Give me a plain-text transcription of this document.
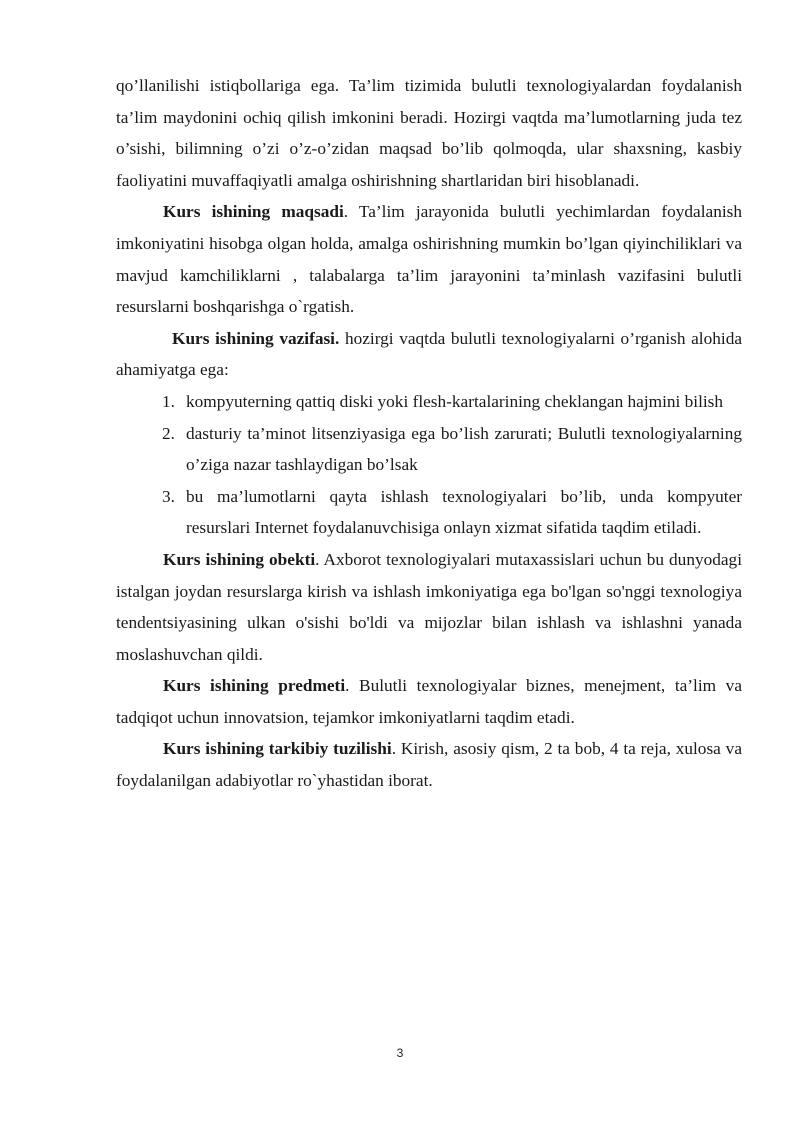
qo’llanilishi istiqbollariga ega. Ta’lim tizimida bulutli texnologiyalardan foydalanish ta’lim maydonini ochiq qilish imkonini beradi. Hozirgi vaqtda ma’lumotlarning juda tez o’sishi, bilimning o’zi o’z-o’zidan maqsad bo’lib qolmoqda, ular shaxsning, kasbiy faoliyatini muvaffaqiyatli amalga oshirishning shartlaridan biri hisoblanadi.

Kurs ishining maqsadi. Ta’lim jarayonida bulutli yechimlardan foydalanish imkoniyatini hisobga olgan holda, amalga oshirishning mumkin bo’lgan qiyinchiliklari va mavjud kamchiliklarni , talabalarga ta’lim jarayonini ta’minlash vazifasini bulutli resurslarni boshqarishga o`rgatish.

Kurs ishining vazifasi. hozirgi vaqtda bulutli texnologiyalarni o’rganish alohida ahamiyatga ega:

1. kompyuterning qattiq diski yoki flesh-kartalarining cheklangan hajmini bilish
2. dasturiy ta’minot litsenziyasiga ega bo’lish zarurati; Bulutli texnologiyalarning o’ziga nazar tashlaydigan bo’lsak
3. bu ma’lumotlarni qayta ishlash texnologiyalari bo’lib, unda kompyuter resurslari Internet foydalanuvchisiga onlayn xizmat sifatida taqdim etiladi.

Kurs ishining obekti. Axborot texnologiyalari mutaxassislari uchun bu dunyodagi istalgan joydan resurslarga kirish va ishlash imkoniyatiga ega bo'lgan so'nggi texnologiya tendentsiyasining ulkan o'sishi bo'ldi va mijozlar bilan ishlash va ishlashni yanada moslashuvchan qildi.

Kurs ishining predmeti. Bulutli texnologiyalar biznes, menejment, ta’lim va tadqiqot uchun innovatsion, tejamkor imkoniyatlarni taqdim etadi.

Kurs ishining tarkibiy tuzilishi. Kirish, asosiy qism, 2 ta bob, 4 ta reja, xulosa va foydalanilgan adabiyotlar ro`yhastidan iborat.

3
